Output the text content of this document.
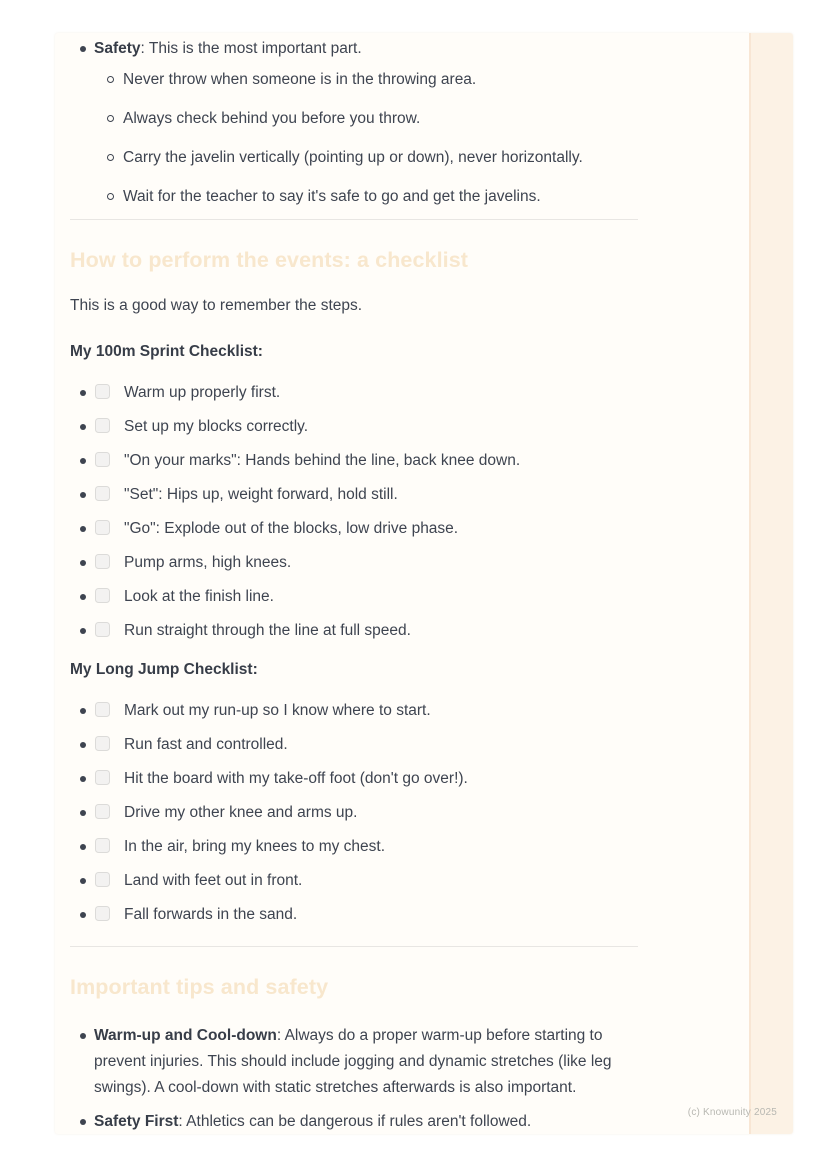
Safety: This is the most important part.
Never throw when someone is in the throwing area.
Always check behind you before you throw.
Carry the javelin vertically (pointing up or down), never horizontally.
Wait for the teacher to say it's safe to go and get the javelins.
How to perform the events: a checklist

This is a good way to remember the steps.

My 100m Sprint Checklist:

Warm up properly first.
Set up my blocks correctly.
"On your marks": Hands behind the line, back knee down.
"Set": Hips up, weight forward, hold still.
"Go": Explode out of the blocks, low drive phase.
Pump arms, high knees.
Look at the finish line.
Run straight through the line at full speed.

My Long Jump Checklist:

Mark out my run-up so I know where to start.
Run fast and controlled.
Hit the board with my take-off foot (don't go over!).
Drive my other knee and arms up.
In the air, bring my knees to my chest.
Land with feet out in front.
Fall forwards in the sand.
Important tips and safety
Warm-up and Cool-down: Always do a proper warm-up before starting to prevent injuries. This should include jogging and dynamic stretches (like leg swings). A cool-down with static stretches afterwards is also important.
Safety First: Athletics can be dangerous if rules aren't followed.
(c) Knowunity 2025
